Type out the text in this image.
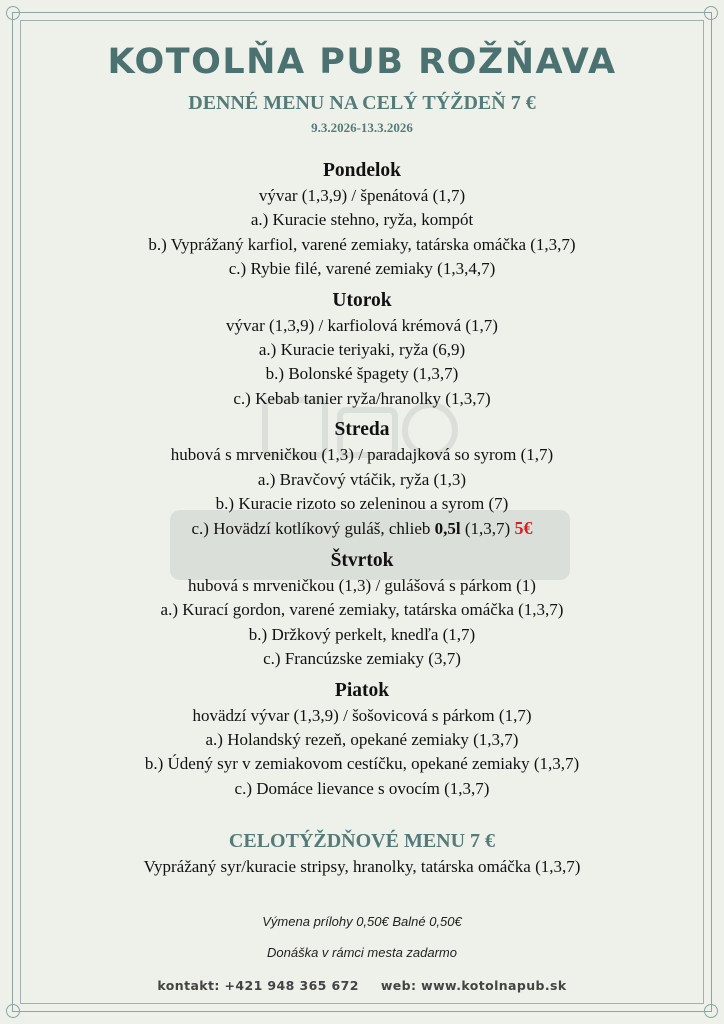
KOTOLŇA PUB ROŽŇAVA
DENNÉ MENU NA CELÝ TÝŽDEŇ 7 €
9.3.2026-13.3.2026
Pondelok
vývar (1,3,9) / špenátová (1,7)
a.) Kuracie stehno, ryža, kompót
b.) Vyprážaný karfiol, varené zemiaky, tatárska omáčka (1,3,7)
c.) Rybie filé, varené zemiaky (1,3,4,7)
Utorok
vývar (1,3,9) / karfiolová krémová (1,7)
a.) Kuracie teriyaki, ryža (6,9)
b.) Bolonské špagety (1,3,7)
c.) Kebab tanier ryža/hranolky (1,3,7)
Streda
hubová s mrveničkou (1,3) / paradajková so syrom (1,7)
a.) Bravčový vtáčik, ryža (1,3)
b.) Kuracie rizoto so zeleninou a syrom (7)
c.) Hovädzí kotlíkový guláš, chlieb 0,5l (1,3,7) 5€
Štvrtok
hubová s mrveničkou (1,3) / gulášová s párkom (1)
a.) Kurací gordon, varené zemiaky, tatárska omáčka (1,3,7)
b.) Držkový perkelt, knedľa (1,7)
c.) Francúzske zemiaky (3,7)
Piatok
hovädzí vývar (1,3,9) / šošovicová s párkom (1,7)
a.) Holandský rezeň, opekané zemiaky (1,3,7)
b.) Údený syr v zemiakovom cestíčku, opekané zemiaky (1,3,7)
c.) Domáce lievance s ovocím (1,3,7)
CELOTÝŽDŇOVÉ MENU 7 €
Vyprážaný syr/kuracie stripsy, hranolky, tatárska omáčka (1,3,7)
Výmena prílohy 0,50€ Balné 0,50€
Donáška v rámci mesta zadarmo
kontakt: +421 948 365 672 web: www.kotolnapub.sk
